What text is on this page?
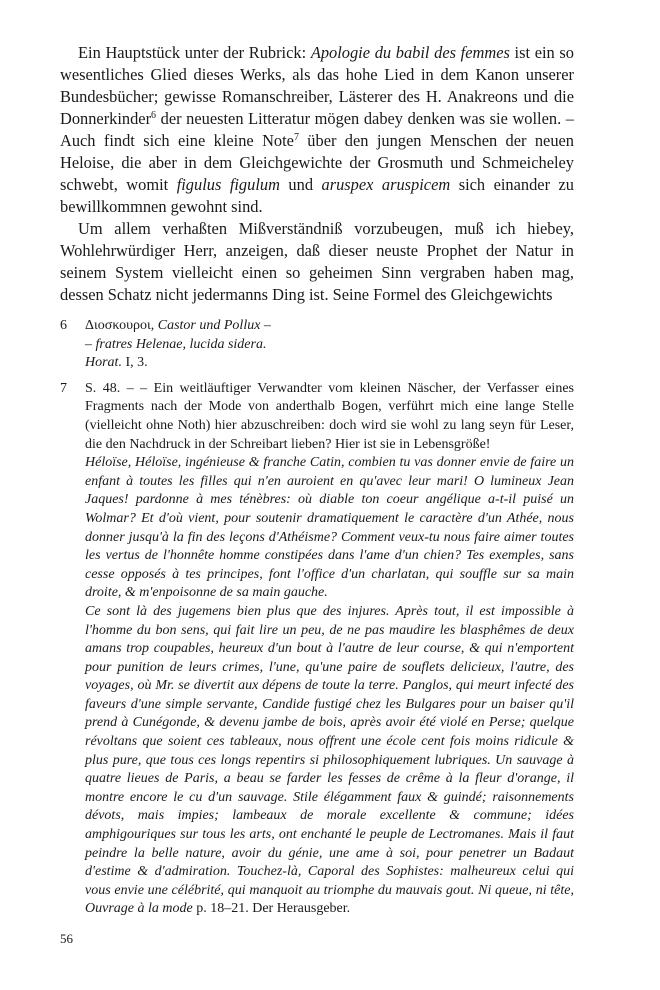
Ein Hauptstück unter der Rubrick: Apologie du babil des femmes ist ein so wesentliches Glied dieses Werks, als das hohe Lied in dem Kanon unserer Bundesbücher; gewisse Romanschreiber, Lästerer des H. Anakreons und die Donnerkinder$^6$ der neuesten Litteratur mögen dabey denken was sie wollen. – Auch findt sich eine kleine Note$^7$ über den jungen Menschen der neuen Heloise, die aber in dem Gleichgewichte der Grosmuth und Schmeicheley schwebt, womit figulus figulum und aruspex aruspicem sich einander zu bewillkommnen gewohnt sind.

Um allem verhaßten Mißverständniß vorzubeugen, muß ich hiebey, Wohlehrwürdiger Herr, anzeigen, daß dieser neuste Prophet der Natur in seinem System vielleicht einen so geheimen Sinn vergraben haben mag, dessen Schatz nicht jedermanns Ding ist. Seine Formel des Gleichgewichts

6	Διοσκουροι, Castor und Pollux –
– fratres Helenae, lucida sidera.
Horat. I, 3.
7	S. 48. – – Ein weitläuftiger Verwandter vom kleinen Näscher, der Verfasser eines Fragments nach der Mode von anderthalb Bogen, verführt mich eine lange Stelle (vielleicht ohne Noth) hier abzuschreiben: doch wird sie wohl zu lang seyn für Leser, die den Nachdruck in der Schreibart lieben? Hier ist sie in Lebensgröße!
Héloïse, Héloïse, ingénieuse & franche Catin, combien tu vas donner envie de faire un enfant à toutes les filles qui n'en auroient en qu'avec leur mari! O lumineux Jean Jaques! pardonne à mes ténèbres: où diable ton coeur angélique a-t-il puisé un Wolmar? Et d'où vient, pour soutenir dramatiquement le caractère d'un Athée, nous donner jusqu'à la fin des leçons d'Athéisme? Comment veux-tu nous faire aimer toutes les vertus de l'honnête homme constipées dans l'ame d'un chien? Tes exemples, sans cesse opposés à tes principes, font l'office d'un charlatan, qui souffle sur sa main droite, & m'enpoisonne de sa main gauche.
Ce sont là des jugemens bien plus que des injures. Après tout, il est impossible à l'homme du bon sens, qui fait lire un peu, de ne pas maudire les blasphêmes de deux amans trop coupables, heureux d'un bout à l'autre de leur course, & qui n'emportent pour punition de leurs crimes, l'une, qu'une paire de souflets delicieux, l'autre, des voyages, où Mr. se divertit aux dépens de toute la terre. Panglos, qui meurt infecté des faveurs d'une simple servante, Candide fustigé chez les Bulgares pour un baiser qu'il prend à Cunégonde, & devenu jambe de bois, après avoir été violé en Perse; quelque révoltans que soient ces tableaux, nous offrent une école cent fois moins ridicule & plus pure, que tous ces longs repentirs si philosophiquement lubriques. Un sauvage à quatre lieues de Paris, a beau se farder les fesses de crême à la fleur d'orange, il montre encore le cu d'un sauvage. Stile élégamment faux & guindé; raisonnements dévots, mais impies; lambeaux de morale excellente & commune; idées amphigouriques sur tous les arts, ont enchanté le peuple de Lectromanes. Mais il faut peindre la belle nature, avoir du génie, une ame à soi, pour penetrer un Badaut d'estime & d'admiration. Touchez-là, Caporal des Sophistes: malheureux celui qui vous envie une célébrité, qui manquoit au triomphe du mauvais gout. Ni queue, ni tête, Ouvrage à la mode p. 18–21. Der Herausgeber.
56
